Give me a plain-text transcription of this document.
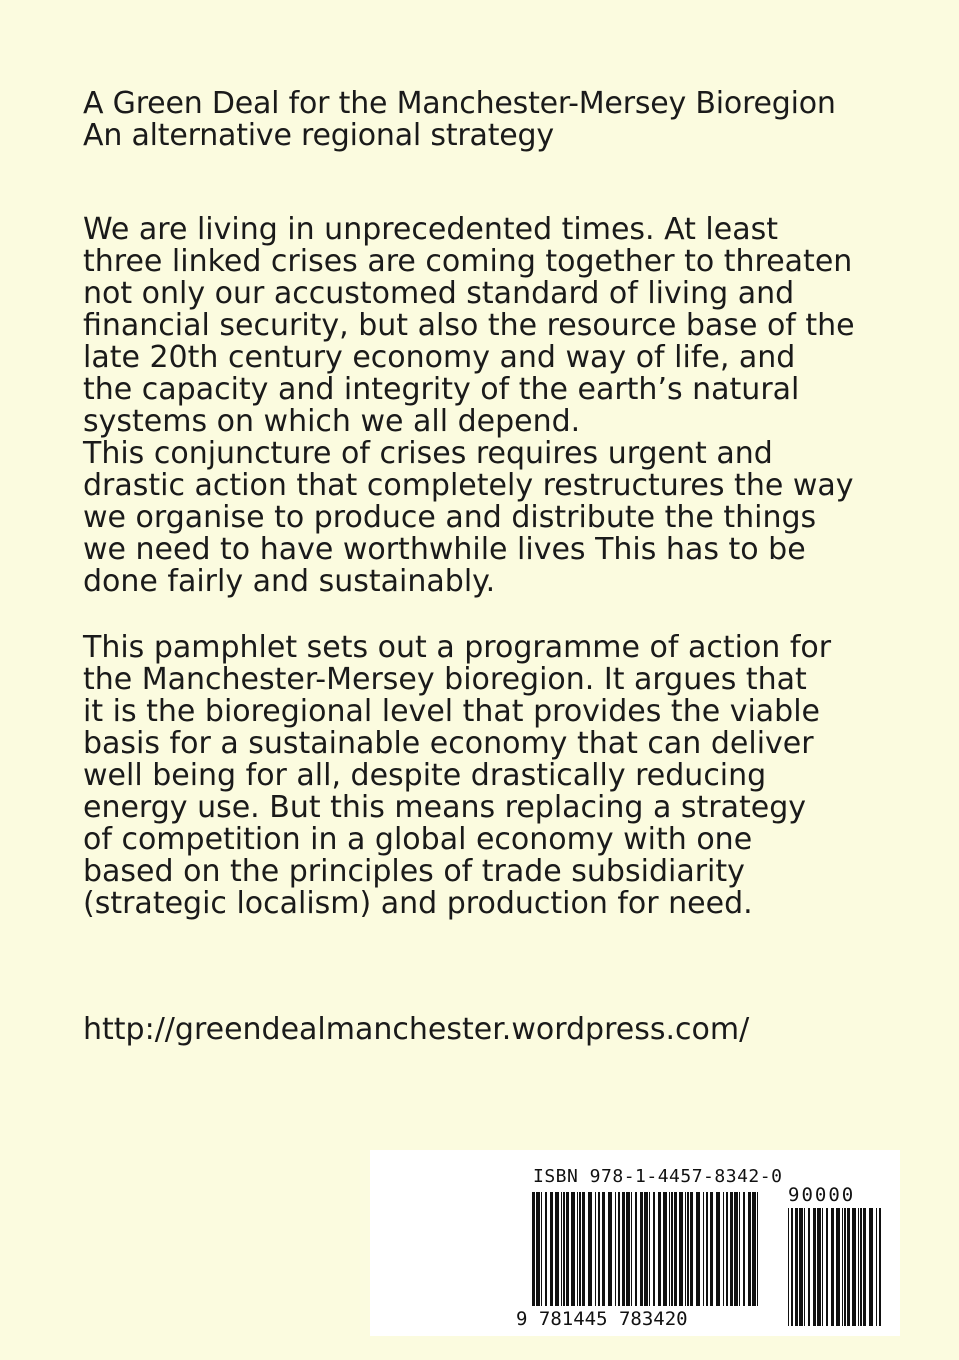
A Green Deal for the Manchester-Mersey Bioregion
An alternative regional strategy

We are living in unprecedented times. At least
three linked crises are coming together to threaten
not only our accustomed standard of living and
financial security, but also the resource base of the
late 20th century economy and way of life, and
the capacity and integrity of the earth’s natural
systems on which we all depend.

This conjuncture of crises requires urgent and
drastic action that completely restructures the way
we organise to produce and distribute the things
we need to have worthwhile lives This has to be
done fairly and sustainably.

This pamphlet sets out a programme of action for
the Manchester-Mersey bioregion. It argues that
it is the bioregional level that provides the viable
basis for a sustainable economy that can deliver
well being for all, despite drastically reducing
energy use. But this means replacing a strategy
of competition in a global economy with one
based on the principles of trade subsidiarity
(strategic localism) and production for need.

http://greendealmanchester.wordpress.com/
ISBN 978-1-4457-8342-0
90000
9 781445 783420
